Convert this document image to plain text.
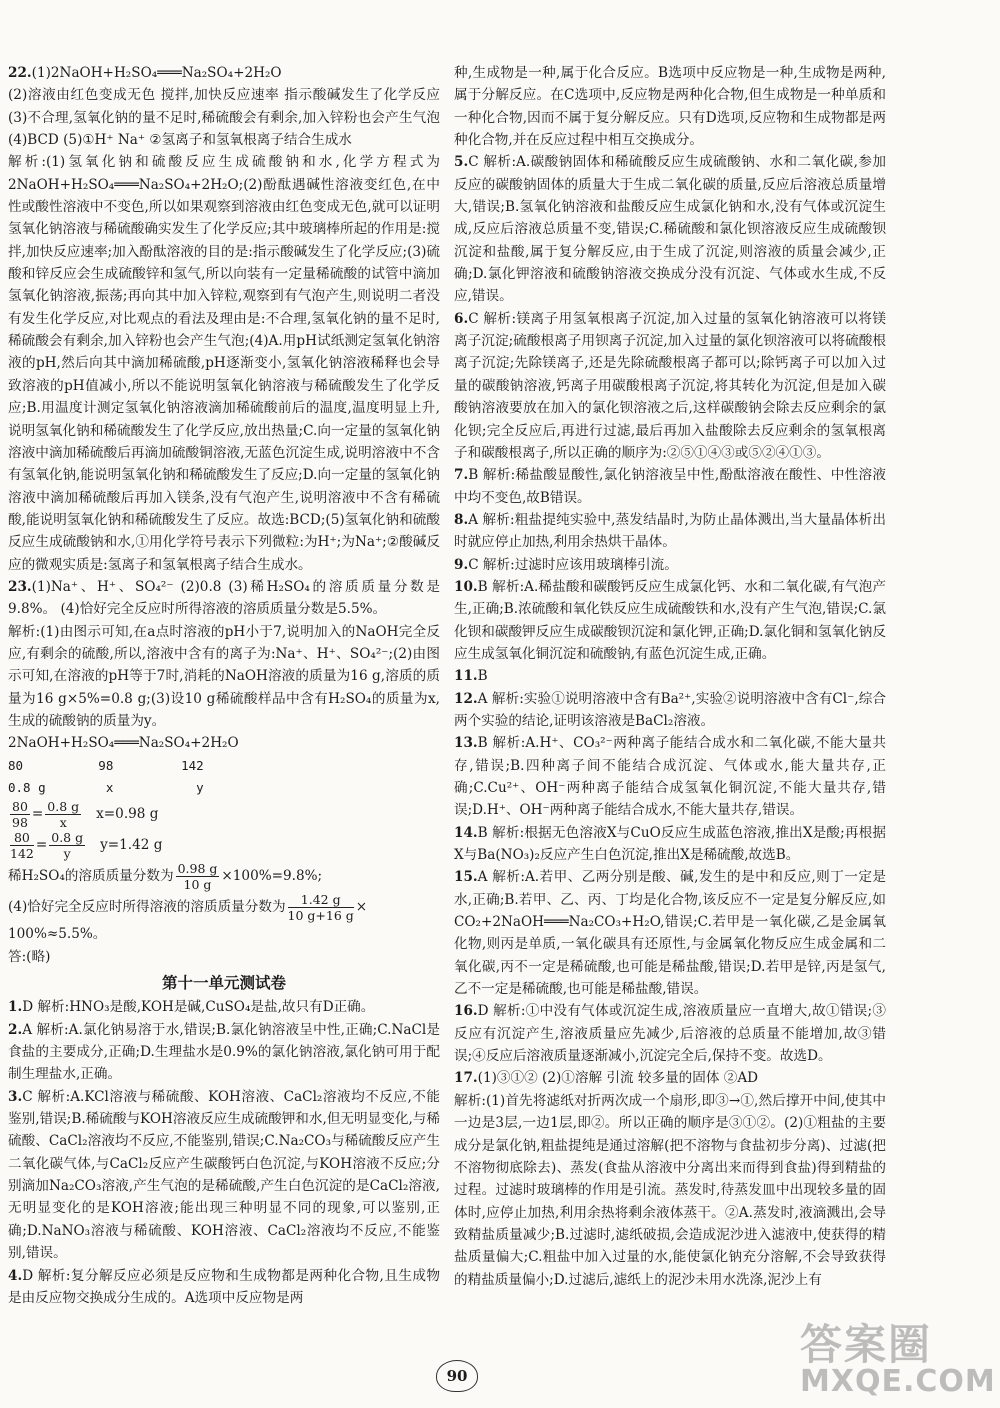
22.(1)2NaOH+H₂SO₄═══Na₂SO₄+2H₂O

(2)溶液由红色变成无色 搅拌,加快反应速率 指示酸碱发生了化学反应 (3)不合理,氢氧化钠的量不足时,稀硫酸会有剩余,加入锌粉也会产生气泡 (4)BCD (5)①H⁺ Na⁺ ②氢离子和氢氧根离子结合生成水

解析:(1)氢氧化钠和硫酸反应生成硫酸钠和水,化学方程式为2NaOH+H₂SO₄═══Na₂SO₄+2H₂O;(2)酚酞遇碱性溶液变红色,在中性或酸性溶液中不变色,所以如果观察到溶液由红色变成无色,就可以证明氢氧化钠溶液与稀硫酸确实发生了化学反应;其中玻璃棒所起的作用是:搅拌,加快反应速率;加入酚酞溶液的目的是:指示酸碱发生了化学反应;(3)硫酸和锌反应会生成硫酸锌和氢气,所以向装有一定量稀硫酸的试管中滴加氢氧化钠溶液,振荡;再向其中加入锌粒,观察到有气泡产生,则说明二者没有发生化学反应,对比观点的看法及理由是:不合理,氢氧化钠的量不足时,稀硫酸会有剩余,加入锌粉也会产生气泡;(4)A.用pH试纸测定氢氧化钠溶液的pH,然后向其中滴加稀硫酸,pH逐渐变小,氢氧化钠溶液稀释也会导致溶液的pH值减小,所以不能说明氢氧化钠溶液与稀硫酸发生了化学反应;B.用温度计测定氢氧化钠溶液滴加稀硫酸前后的温度,温度明显上升,说明氢氧化钠和稀硫酸发生了化学反应,放出热量;C.向一定量的氢氧化钠溶液中滴加稀硫酸后再滴加硫酸铜溶液,无蓝色沉淀生成,说明溶液中不含有氢氧化钠,能说明氢氧化钠和稀硫酸发生了反应;D.向一定量的氢氧化钠溶液中滴加稀硫酸后再加入镁条,没有气泡产生,说明溶液中不含有稀硫酸,能说明氢氧化钠和稀硫酸发生了反应。故选:BCD;(5)氢氧化钠和硫酸反应生成硫酸钠和水,①用化学符号表示下列微粒:为H⁺;为Na⁺;②酸碱反应的微观实质是:氢离子和氢氧根离子结合生成水。

23.(1)Na⁺、H⁺、SO₄²⁻ (2)0.8 (3)稀H₂SO₄的溶质质量分数是9.8%。 (4)恰好完全反应时所得溶液的溶质质量分数是5.5%。

解析:(1)由图示可知,在a点时溶液的pH小于7,说明加入的NaOH完全反应,有剩余的硫酸,所以,溶液中含有的离子为:Na⁺、H⁺、SO₄²⁻;(2)由图示可知,在溶液的pH等于7时,消耗的NaOH溶液的质量为16 g,溶质的质量为16 g×5%=0.8 g;(3)设10 g稀硫酸样品中含有H₂SO₄的质量为x,生成的硫酸钠的质量为y。

2NaOH+H₂SO₄═══Na₂SO₄+2H₂O

80          98         142

0.8 g        x           y

$\frac{80}{98} = \frac{0.8 g}{x} x=0.98$ g

$\frac{80}{142} = \frac{0.8 g}{y} y=1.42$ g

稀H₂SO₄的溶质质量分数为 $\frac{0.98 g}{10 g} \times 100\%=9.8\%$;

(4)恰好完全反应时所得溶液的溶质质量分数为 $\frac{1.42 g}{10 g+16 g}$ ×

100%≈5.5%。

答:(略)

第十一单元测试卷

1.D 解析:HNO₃是酸,KOH是碱,CuSO₄是盐,故只有D正确。

2.A 解析:A.氯化钠易溶于水,错误;B.氯化钠溶液呈中性,正确;C.NaCl是食盐的主要成分,正确;D.生理盐水是0.9%的氯化钠溶液,氯化钠可用于配制生理盐水,正确。

3.C 解析:A.KCl溶液与稀硫酸、KOH溶液、CaCl₂溶液均不反应,不能鉴别,错误;B.稀硫酸与KOH溶液反应生成硫酸钾和水,但无明显变化,与稀硫酸、CaCl₂溶液均不反应,不能鉴别,错误;C.Na₂CO₃与稀硫酸反应产生二氧化碳气体,与CaCl₂反应产生碳酸钙白色沉淀,与KOH溶液不反应;分别滴加Na₂CO₃溶液,产生气泡的是稀硫酸,产生白色沉淀的是CaCl₂溶液,无明显变化的是KOH溶液;能出现三种明显不同的现象,可以鉴别,正确;D.NaNO₃溶液与稀硫酸、KOH溶液、CaCl₂溶液均不反应,不能鉴别,错误。

4.D 解析:复分解反应必须是反应物和生成物都是两种化合物,且生成物是由反应物交换成分生成的。A选项中反应物是两

种,生成物是一种,属于化合反应。B选项中反应物是一种,生成物是两种,属于分解反应。在C选项中,反应物是两种化合物,但生成物是一种单质和一种化合物,因而不属于复分解反应。只有D选项,反应物和生成物都是两种化合物,并在反应过程中相互交换成分。

5.C 解析:A.碳酸钠固体和稀硫酸反应生成硫酸钠、水和二氧化碳,参加反应的碳酸钠固体的质量大于生成二氧化碳的质量,反应后溶液总质量增大,错误;B.氢氧化钠溶液和盐酸反应生成氯化钠和水,没有气体或沉淀生成,反应后溶液总质量不变,错误;C.稀硫酸和氯化钡溶液反应生成硫酸钡沉淀和盐酸,属于复分解反应,由于生成了沉淀,则溶液的质量会减少,正确;D.氯化钾溶液和硫酸钠溶液交换成分没有沉淀、气体或水生成,不反应,错误。

6.C 解析:镁离子用氢氧根离子沉淀,加入过量的氢氧化钠溶液可以将镁离子沉淀;硫酸根离子用钡离子沉淀,加入过量的氯化钡溶液可以将硫酸根离子沉淀;先除镁离子,还是先除硫酸根离子都可以;除钙离子可以加入过量的碳酸钠溶液,钙离子用碳酸根离子沉淀,将其转化为沉淀,但是加入碳酸钠溶液要放在加入的氯化钡溶液之后,这样碳酸钠会除去反应剩余的氯化钡;完全反应后,再进行过滤,最后再加入盐酸除去反应剩余的氢氧根离子和碳酸根离子,所以正确的顺序为:②⑤①④③或⑤②④①③。

7.B 解析:稀盐酸显酸性,氯化钠溶液呈中性,酚酞溶液在酸性、中性溶液中均不变色,故B错误。

8.A 解析:粗盐提纯实验中,蒸发结晶时,为防止晶体溅出,当大量晶体析出时就应停止加热,利用余热烘干晶体。

9.C 解析:过滤时应该用玻璃棒引流。

10.B 解析:A.稀盐酸和碳酸钙反应生成氯化钙、水和二氧化碳,有气泡产生,正确;B.浓硫酸和氧化铁反应生成硫酸铁和水,没有产生气泡,错误;C.氯化钡和碳酸钾反应生成碳酸钡沉淀和氯化钾,正确;D.氯化铜和氢氧化钠反应生成氢氧化铜沉淀和硫酸钠,有蓝色沉淀生成,正确。

11.B

12.A 解析:实验①说明溶液中含有Ba²⁺,实验②说明溶液中含有Cl⁻,综合两个实验的结论,证明该溶液是BaCl₂溶液。

13.B 解析:A.H⁺、CO₃²⁻两种离子能结合成水和二氧化碳,不能大量共存,错误;B.四种离子间不能结合成沉淀、气体或水,能大量共存,正确;C.Cu²⁺、OH⁻两种离子能结合成氢氧化铜沉淀,不能大量共存,错误;D.H⁺、OH⁻两种离子能结合成水,不能大量共存,错误。

14.B 解析:根据无色溶液X与CuO反应生成蓝色溶液,推出X是酸;再根据X与Ba(NO₃)₂反应产生白色沉淀,推出X是稀硫酸,故选B。

15.A 解析:A.若甲、乙两分别是酸、碱,发生的是中和反应,则丁一定是水,正确;B.若甲、乙、丙、丁均是化合物,该反应不一定是复分解反应,如CO₂+2NaOH═══Na₂CO₃+H₂O,错误;C.若甲是一氧化碳,乙是金属氧化物,则丙是单质,一氧化碳具有还原性,与金属氧化物反应生成金属和二氧化碳,丙不一定是稀硫酸,也可能是稀盐酸,错误;D.若甲是锌,丙是氢气,乙不一定是稀硫酸,也可能是稀盐酸,错误。

16.D 解析:①中没有气体或沉淀生成,溶液质量应一直增大,故①错误;③反应有沉淀产生,溶液质量应先减少,后溶液的总质量不能增加,故③错误;④反应后溶液质量逐渐减小,沉淀完全后,保持不变。故选D。

17.(1)③①② (2)①溶解 引流 较多量的固体 ②AD

解析:(1)首先将滤纸对折两次成一个扇形,即③→①,然后撑开中间,使其中一边是3层,一边1层,即②。所以正确的顺序是③①②。(2)①粗盐的主要成分是氯化钠,粗盐提纯是通过溶解(把不溶物与食盐初步分离)、过滤(把不溶物彻底除去)、蒸发(食盐从溶液中分离出来而得到食盐)得到精盐的过程。过滤时玻璃棒的作用是引流。蒸发时,待蒸发皿中出现较多量的固体时,应停止加热,利用余热将剩余液体蒸干。②A.蒸发时,液滴溅出,会导致精盐质量减少;B.过滤时,滤纸破损,会造成泥沙进入滤液中,使获得的精盐质量偏大;C.粗盐中加入过量的水,能使氯化钠充分溶解,不会导致获得的精盐质量偏小;D.过滤后,滤纸上的泥沙未用水洗涤,泥沙上有

90
答案圈
MXQE.COM
